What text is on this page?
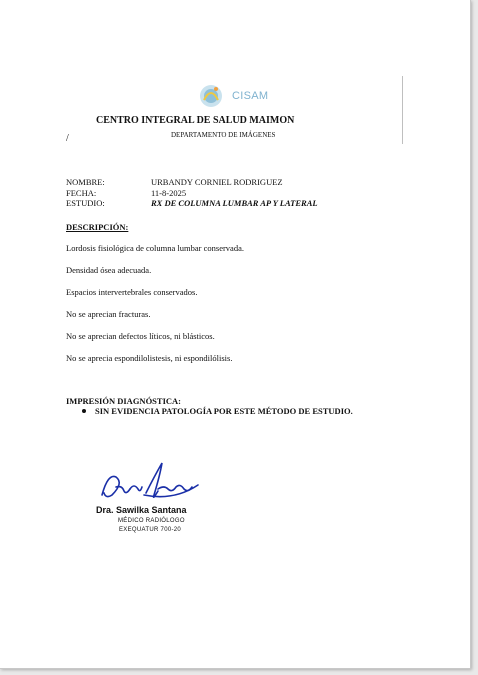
CISAM
CENTRO INTEGRAL DE SALUD MAIMON
DEPARTAMENTO DE IMÁGENES
/
NOMBRE:	URBANDY CORNIEL RODRIGUEZ
FECHA:	11-8-2025
ESTUDIO:	RX DE COLUMNA LUMBAR AP Y LATERAL
DESCRIPCIÓN:
Lordosis fisiológica de columna lumbar conservada.
Densidad ósea adecuada.
Espacios intervertebrales conservados.
No se aprecian fracturas.
No se aprecian defectos líticos, ni blásticos.
No se aprecia espondilolistesis, ni espondilólisis.
IMPRESIÓN DIAGNÓSTICA:
SIN EVIDENCIA PATOLOGÍA POR ESTE MÉTODO DE ESTUDIO.
Dra. Sawilka Santana
MÉDICO RADIÓLOGO
EXEQUATUR 700-20
